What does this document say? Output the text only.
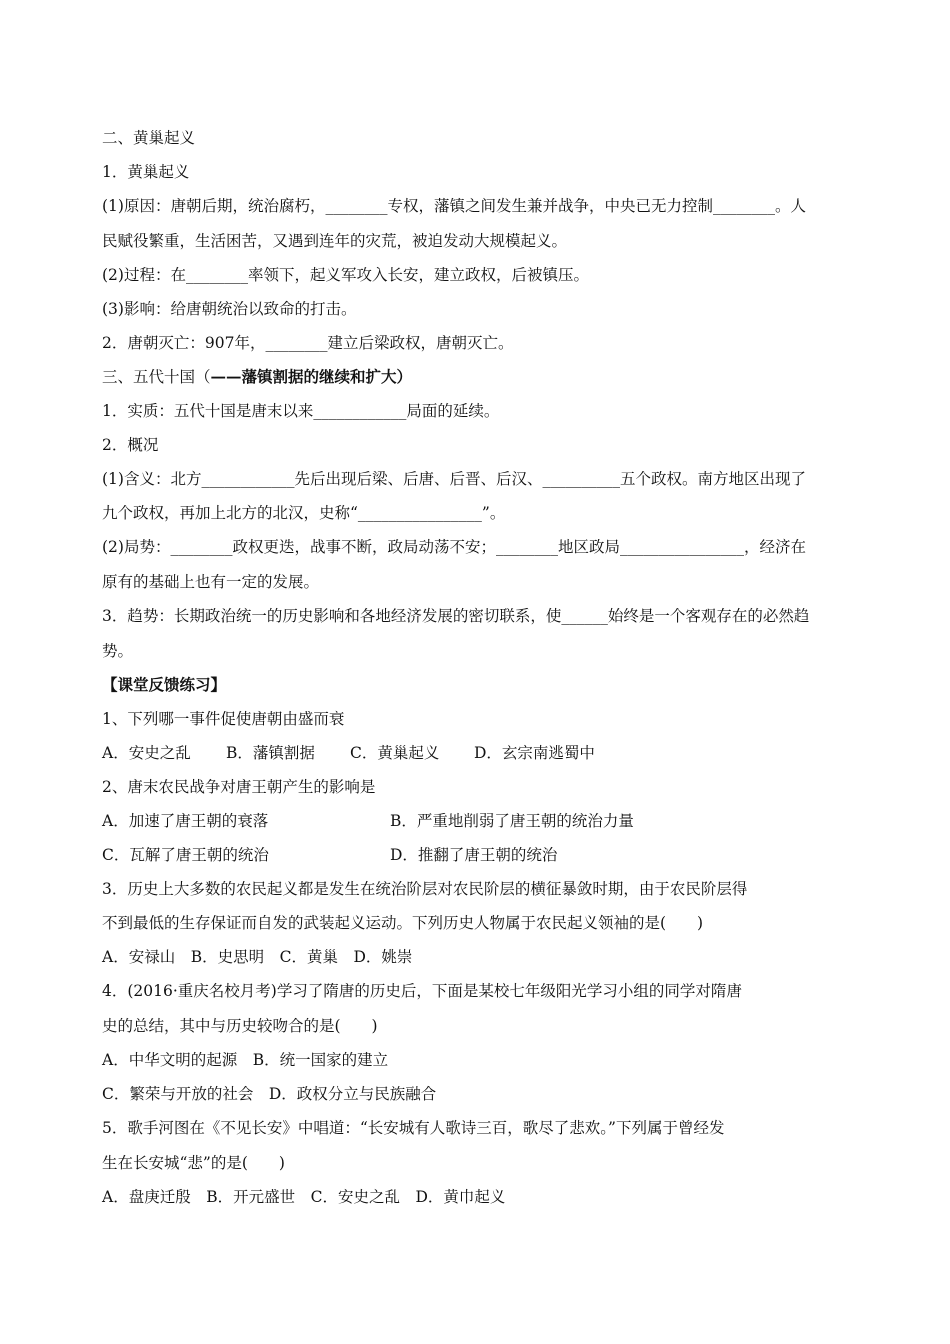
二、黄巢起义
1．黄巢起义
(1)原因：唐朝后期，统治腐朽，________专权，藩镇之间发生兼并战争，中央已无力控制________。人
民赋役繁重，生活困苦，又遇到连年的灾荒，被迫发动大规模起义。
(2)过程：在________率领下，起义军攻入长安，建立政权，后被镇压。
(3)影响：给唐朝统治以致命的打击。
2．唐朝灭亡：907年，________建立后梁政权，唐朝灭亡。
三、五代十国（——藩镇割据的继续和扩大）
1．实质：五代十国是唐末以来____________局面的延续。
2．概况
(1)含义：北方____________先后出现后梁、后唐、后晋、后汉、__________五个政权。南方地区出现了
九个政权，再加上北方的北汉，史称“________________”。
(2)局势：________政权更迭，战事不断，政局动荡不安；________地区政局________________，经济在
原有的基础上也有一定的发展。
3．趋势：长期政治统一的历史影响和各地经济发展的密切联系，使______始终是一个客观存在的必然趋
势。
【课堂反馈练习】
1、下列哪一事件促使唐朝由盛而衰
A．安史之乱 B．藩镇割据 C．黄巢起义 D．玄宗南逃蜀中
2、唐末农民战争对唐王朝产生的影响是
A．加速了唐王朝的衰落	B．严重地削弱了唐王朝的统治力量
C．瓦解了唐王朝的统治	D．推翻了唐王朝的统治
3．历史上大多数的农民起义都是发生在统治阶层对农民阶层的横征暴敛时期，由于农民阶层得
不到最低的生存保证而自发的武装起义运动。下列历史人物属于农民起义领袖的是(　　)
A．安禄山　B．史思明　C．黄巢　D．姚崇
4．(2016·重庆名校月考)学习了隋唐的历史后，下面是某校七年级阳光学习小组的同学对隋唐
史的总结，其中与历史较吻合的是(　　)
A．中华文明的起源　B．统一国家的建立
C．繁荣与开放的社会　D．政权分立与民族融合
5．歌手河图在《不见长安》中唱道：“长安城有人歌诗三百，歌尽了悲欢。”下列属于曾经发
生在长安城“悲”的是(　　)
A．盘庚迁殷　B．开元盛世　C．安史之乱　D．黄巾起义
